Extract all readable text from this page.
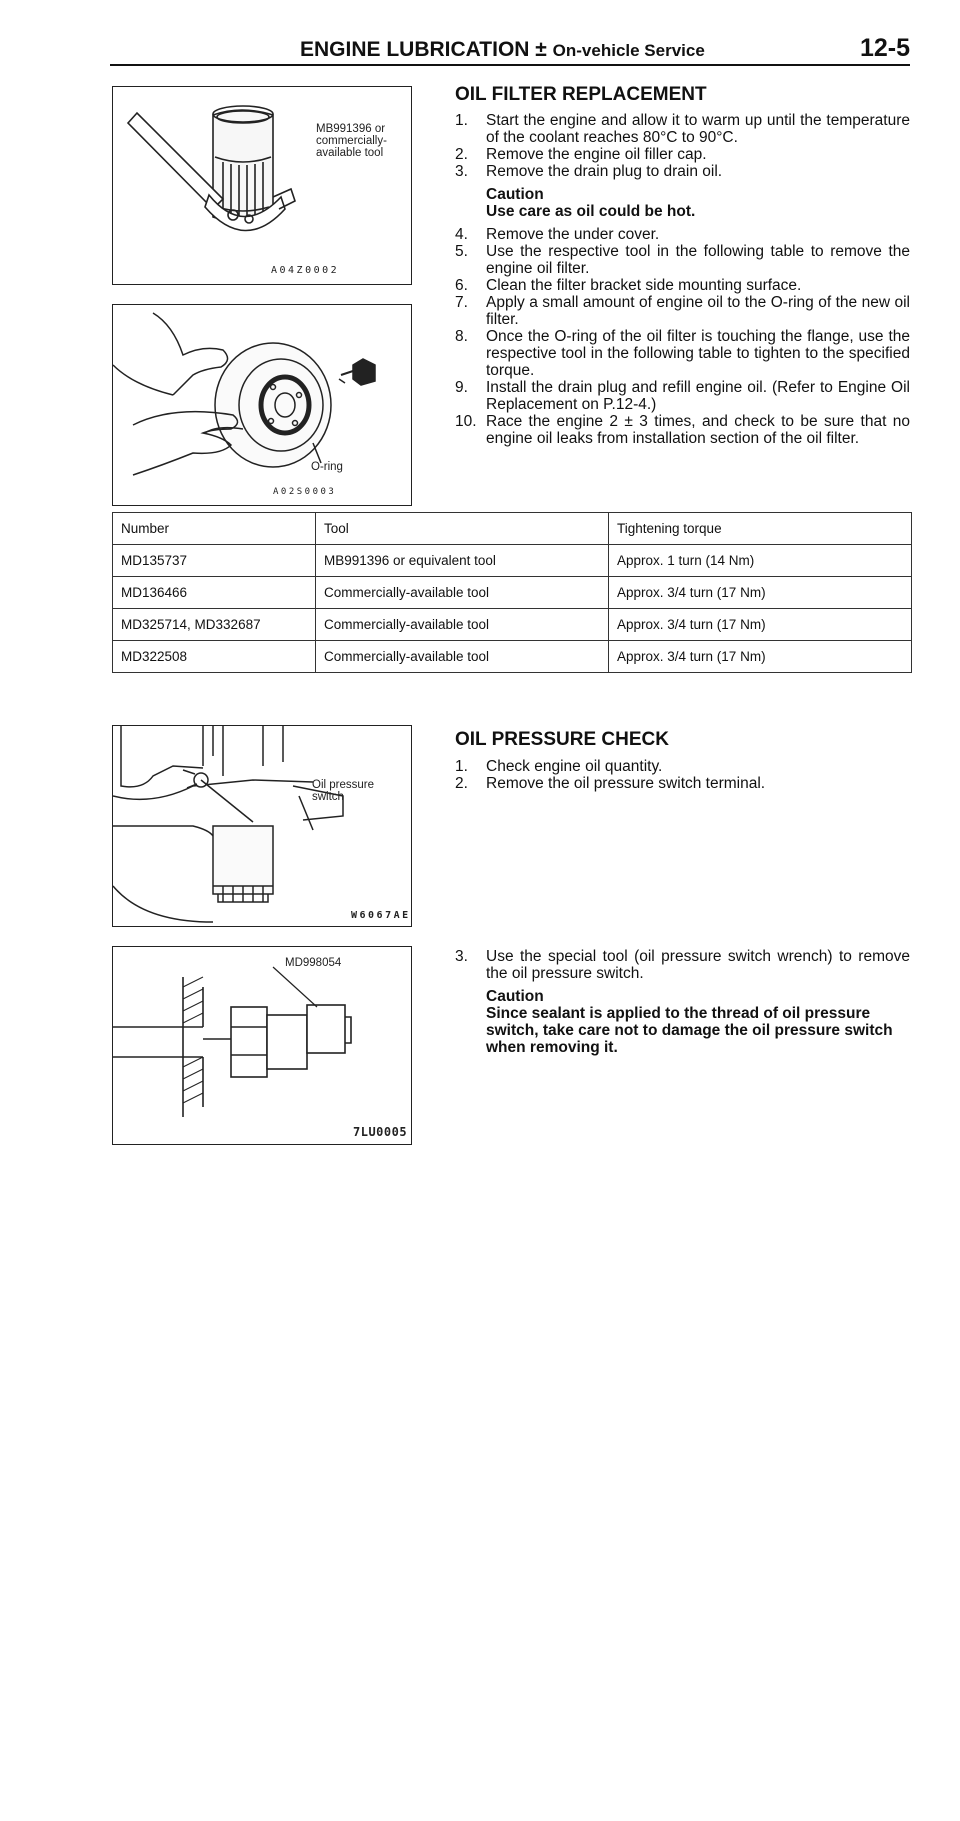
ENGINE LUBRICATION ± On-vehicle Service	12-5
MB991396 or commercially-available tool
A04Z0002
O-ring
A02S0003
OIL FILTER REPLACEMENT
1. Start the engine and allow it to warm up until the temperature of the coolant reaches 80°C to 90°C.
2. Remove the engine oil filler cap.
3. Remove the drain plug to drain oil.
Caution
Use care as oil could be hot.
4. Remove the under cover.
5. Use the respective tool in the following table to remove the engine oil filter.
6. Clean the filter bracket side mounting surface.
7. Apply a small amount of engine oil to the O-ring of the new oil filter.
8. Once the O-ring of the oil filter is touching the flange, use the respective tool in the following table to tighten to the specified torque.
9. Install the drain plug and refill engine oil. (Refer to Engine Oil Replacement on P.12-4.)
10. Race the engine 2 ± 3 times, and check to be sure that no engine oil leaks from installation section of the oil filter.
Number	Tool	Tightening torque
MD135737	MB991396 or equivalent tool	Approx. 1 turn (14 Nm)
MD136466	Commercially-available tool	Approx. 3/4 turn (17 Nm)
MD325714, MD332687	Commercially-available tool	Approx. 3/4 turn (17 Nm)
MD322508	Commercially-available tool	Approx. 3/4 turn (17 Nm)
Oil pressure switch
W6067AE
MD998054
7LU0005
OIL PRESSURE CHECK
1. Check engine oil quantity.
2. Remove the oil pressure switch terminal.
3. Use the special tool (oil pressure switch wrench) to remove the oil pressure switch.
Caution
Since sealant is applied to the thread of oil pressure switch, take care not to damage the oil pressure switch when removing it.
